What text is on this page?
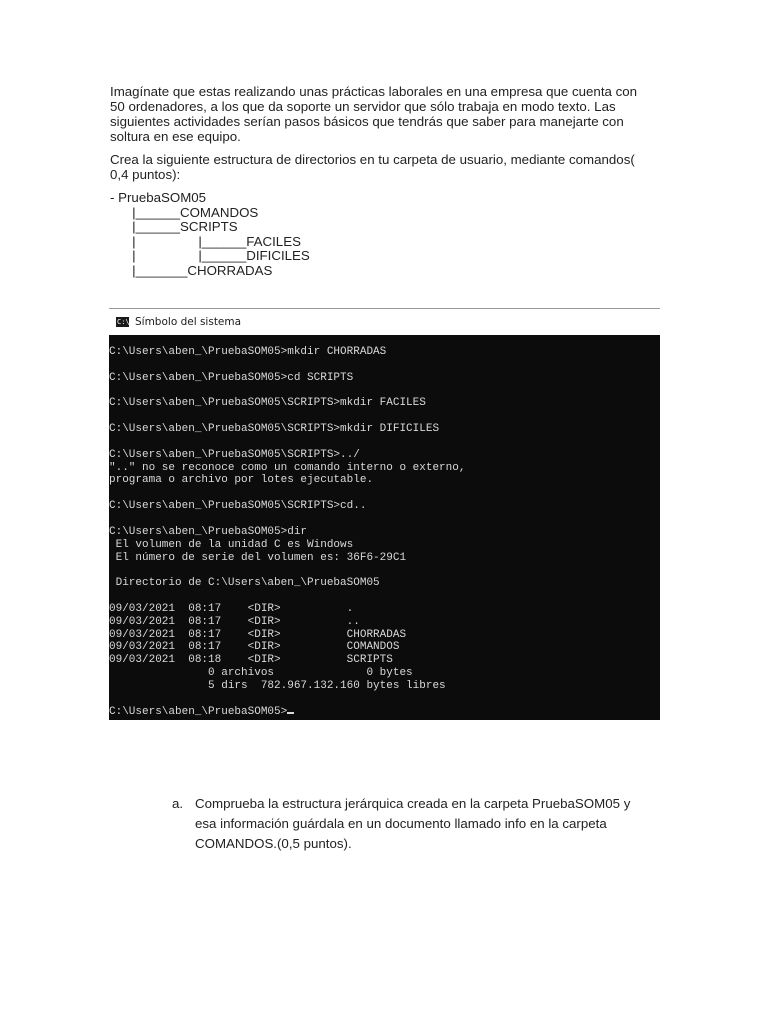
Imagínate que estas realizando unas prácticas laborales en una empresa que cuenta con 50 ordenadores, a los que da soporte un servidor que sólo trabaja en modo texto. Las siguientes actividades serían pasos básicos que tendrás que saber para manejarte con soltura en ese equipo.

Crea la siguiente estructura de directorios en tu carpeta de usuario, mediante comandos( 0,4 puntos):

- PruebaSOM05
|______COMANDOS
|______SCRIPTS
|                 |______FACILES
|                 |______DIFICILES
|_______CHORRADAS
C:\ Símbolo del sistema
C:\Users\aben_\PruebaSOM05>mkdir CHORRADAS
C:\Users\aben_\PruebaSOM05>cd SCRIPTS
C:\Users\aben_\PruebaSOM05\SCRIPTS>mkdir FACILES
C:\Users\aben_\PruebaSOM05\SCRIPTS>mkdir DIFICILES
C:\Users\aben_\PruebaSOM05\SCRIPTS>../
".." no se reconoce como un comando interno o externo,
programa o archivo por lotes ejecutable.
C:\Users\aben_\PruebaSOM05\SCRIPTS>cd..
C:\Users\aben_\PruebaSOM05>dir
El volumen de la unidad C es Windows
El número de serie del volumen es: 36F6-29C1
Directorio de C:\Users\aben_\PruebaSOM05
09/03/2021  08:17    <DIR>          .
09/03/2021  08:17    <DIR>          ..
09/03/2021  08:17    <DIR>          CHORRADAS
09/03/2021  08:17    <DIR>          COMANDOS
09/03/2021  08:18    <DIR>          SCRIPTS
0 archivos              0 bytes
5 dirs  782.967.132.160 bytes libres
C:\Users\aben_\PruebaSOM05>
a. Comprueba la estructura jerárquica creada en la carpeta PruebaSOM05 y esa información guárdala en un documento llamado info en la carpeta COMANDOS.(0,5 puntos).
